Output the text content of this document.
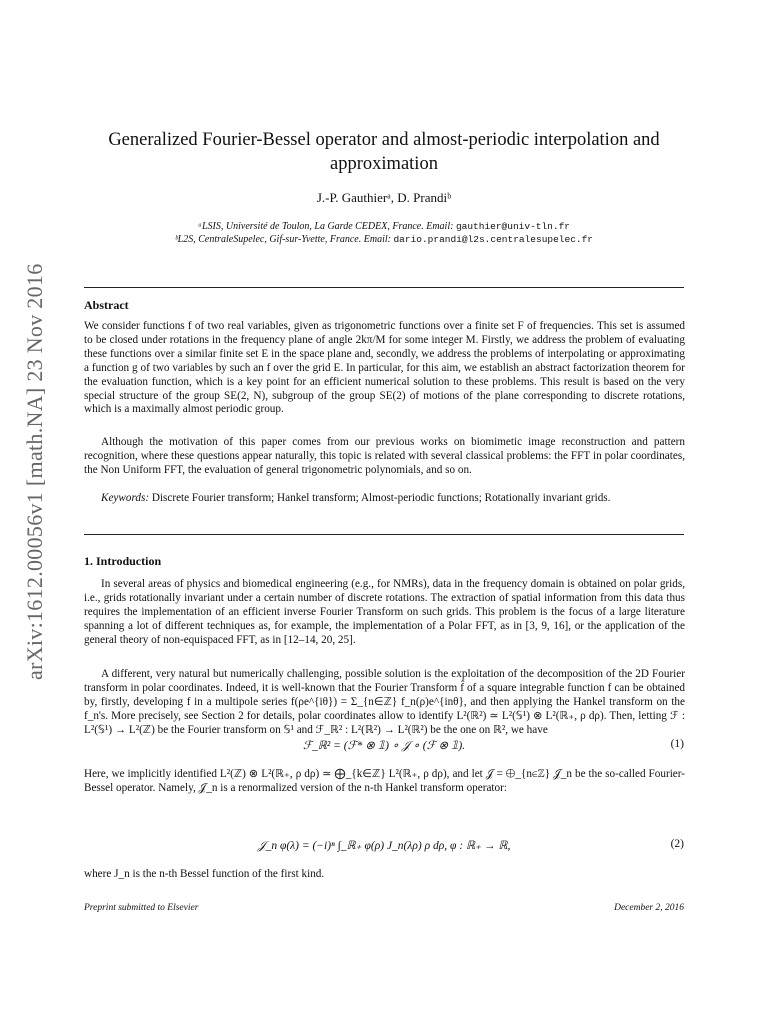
arXiv:1612.00056v1 [math.NA] 23 Nov 2016
Generalized Fourier-Bessel operator and almost-periodic interpolation and
approximation
J.-P. Gauthierᵃ, D. Prandiᵇ
ᵃLSIS, Université de Toulon, La Garde CEDEX, France. Email: gauthier@univ-tln.fr
ᵇL2S, CentraleSupelec, Gif-sur-Yvette, France. Email: dario.prandi@l2s.centralesupelec.fr
Abstract

We consider functions f of two real variables, given as trigonometric functions over a finite set F of frequencies. This set is assumed to be closed under rotations in the frequency plane of angle 2kπ/M for some integer M. Firstly, we address the problem of evaluating these functions over a similar finite set E in the space plane and, secondly, we address the problems of interpolating or approximating a function g of two variables by such an f over the grid E. In particular, for this aim, we establish an abstract factorization theorem for the evaluation function, which is a key point for an efficient numerical solution to these problems. This result is based on the very special structure of the group SE(2, N), subgroup of the group SE(2) of motions of the plane corresponding to discrete rotations, which is a maximally almost periodic group.

Although the motivation of this paper comes from our previous works on biomimetic image reconstruction and pattern recognition, where these questions appear naturally, this topic is related with several classical problems: the FFT in polar coordinates, the Non Uniform FFT, the evaluation of general trigonometric polynomials, and so on.

Keywords: Discrete Fourier transform; Hankel transform; Almost-periodic functions; Rotationally invariant grids.

1. Introduction

In several areas of physics and biomedical engineering (e.g., for NMRs), data in the frequency domain is obtained on polar grids, i.e., grids rotationally invariant under a certain number of discrete rotations. The extraction of spatial information from this data thus requires the implementation of an efficient inverse Fourier Transform on such grids. This problem is the focus of a large literature spanning a lot of different techniques as, for example, the implementation of a Polar FFT, as in [3, 9, 16], or the application of the general theory of non-equispaced FFT, as in [12–14, 20, 25].

A different, very natural but numerically challenging, possible solution is the exploitation of the decomposition of the 2D Fourier transform in polar coordinates. Indeed, it is well-known that the Fourier Transform f̂ of a square integrable function f can be obtained by, firstly, developing f in a multipole series f(ρe^{iθ}) = Σ_{n∈ℤ} f_n(ρ)e^{inθ}, and then applying the Hankel transform on the f_n's. More precisely, see Section 2 for details, polar coordinates allow to identify L²(ℝ²) ≃ L²(𝕊¹) ⊗ L²(ℝ₊, ρ dρ). Then, letting ℱ : L²(𝕊¹) → L²(ℤ) be the Fourier transform on 𝕊¹ and ℱ_ℝ² : L²(ℝ²) → L²(ℝ²) be the one on ℝ², we have

ℱ_ℝ² = (ℱ* ⊗ 𝟙) ∘ 𝒥 ∘ (ℱ ⊗ 𝟙).	(1)

Here, we implicitly identified L²(ℤ) ⊗ L²(ℝ₊, ρ dρ) ≃ ⨁_{k∈ℤ} L²(ℝ₊, ρ dρ), and let 𝒥 = ⨁_{n∈ℤ} 𝒥_n be the so-called Fourier-Bessel operator. Namely, 𝒥_n is a renormalized version of the n-th Hankel transform operator:

𝒥_n φ(λ) = (−i)ⁿ ∫_ℝ₊ φ(ρ) J_n(λρ) ρ dρ, φ : ℝ₊ → ℝ,	(2)

where J_n is the n-th Bessel function of the first kind.

Preprint submitted to Elsevier	December 2, 2016
